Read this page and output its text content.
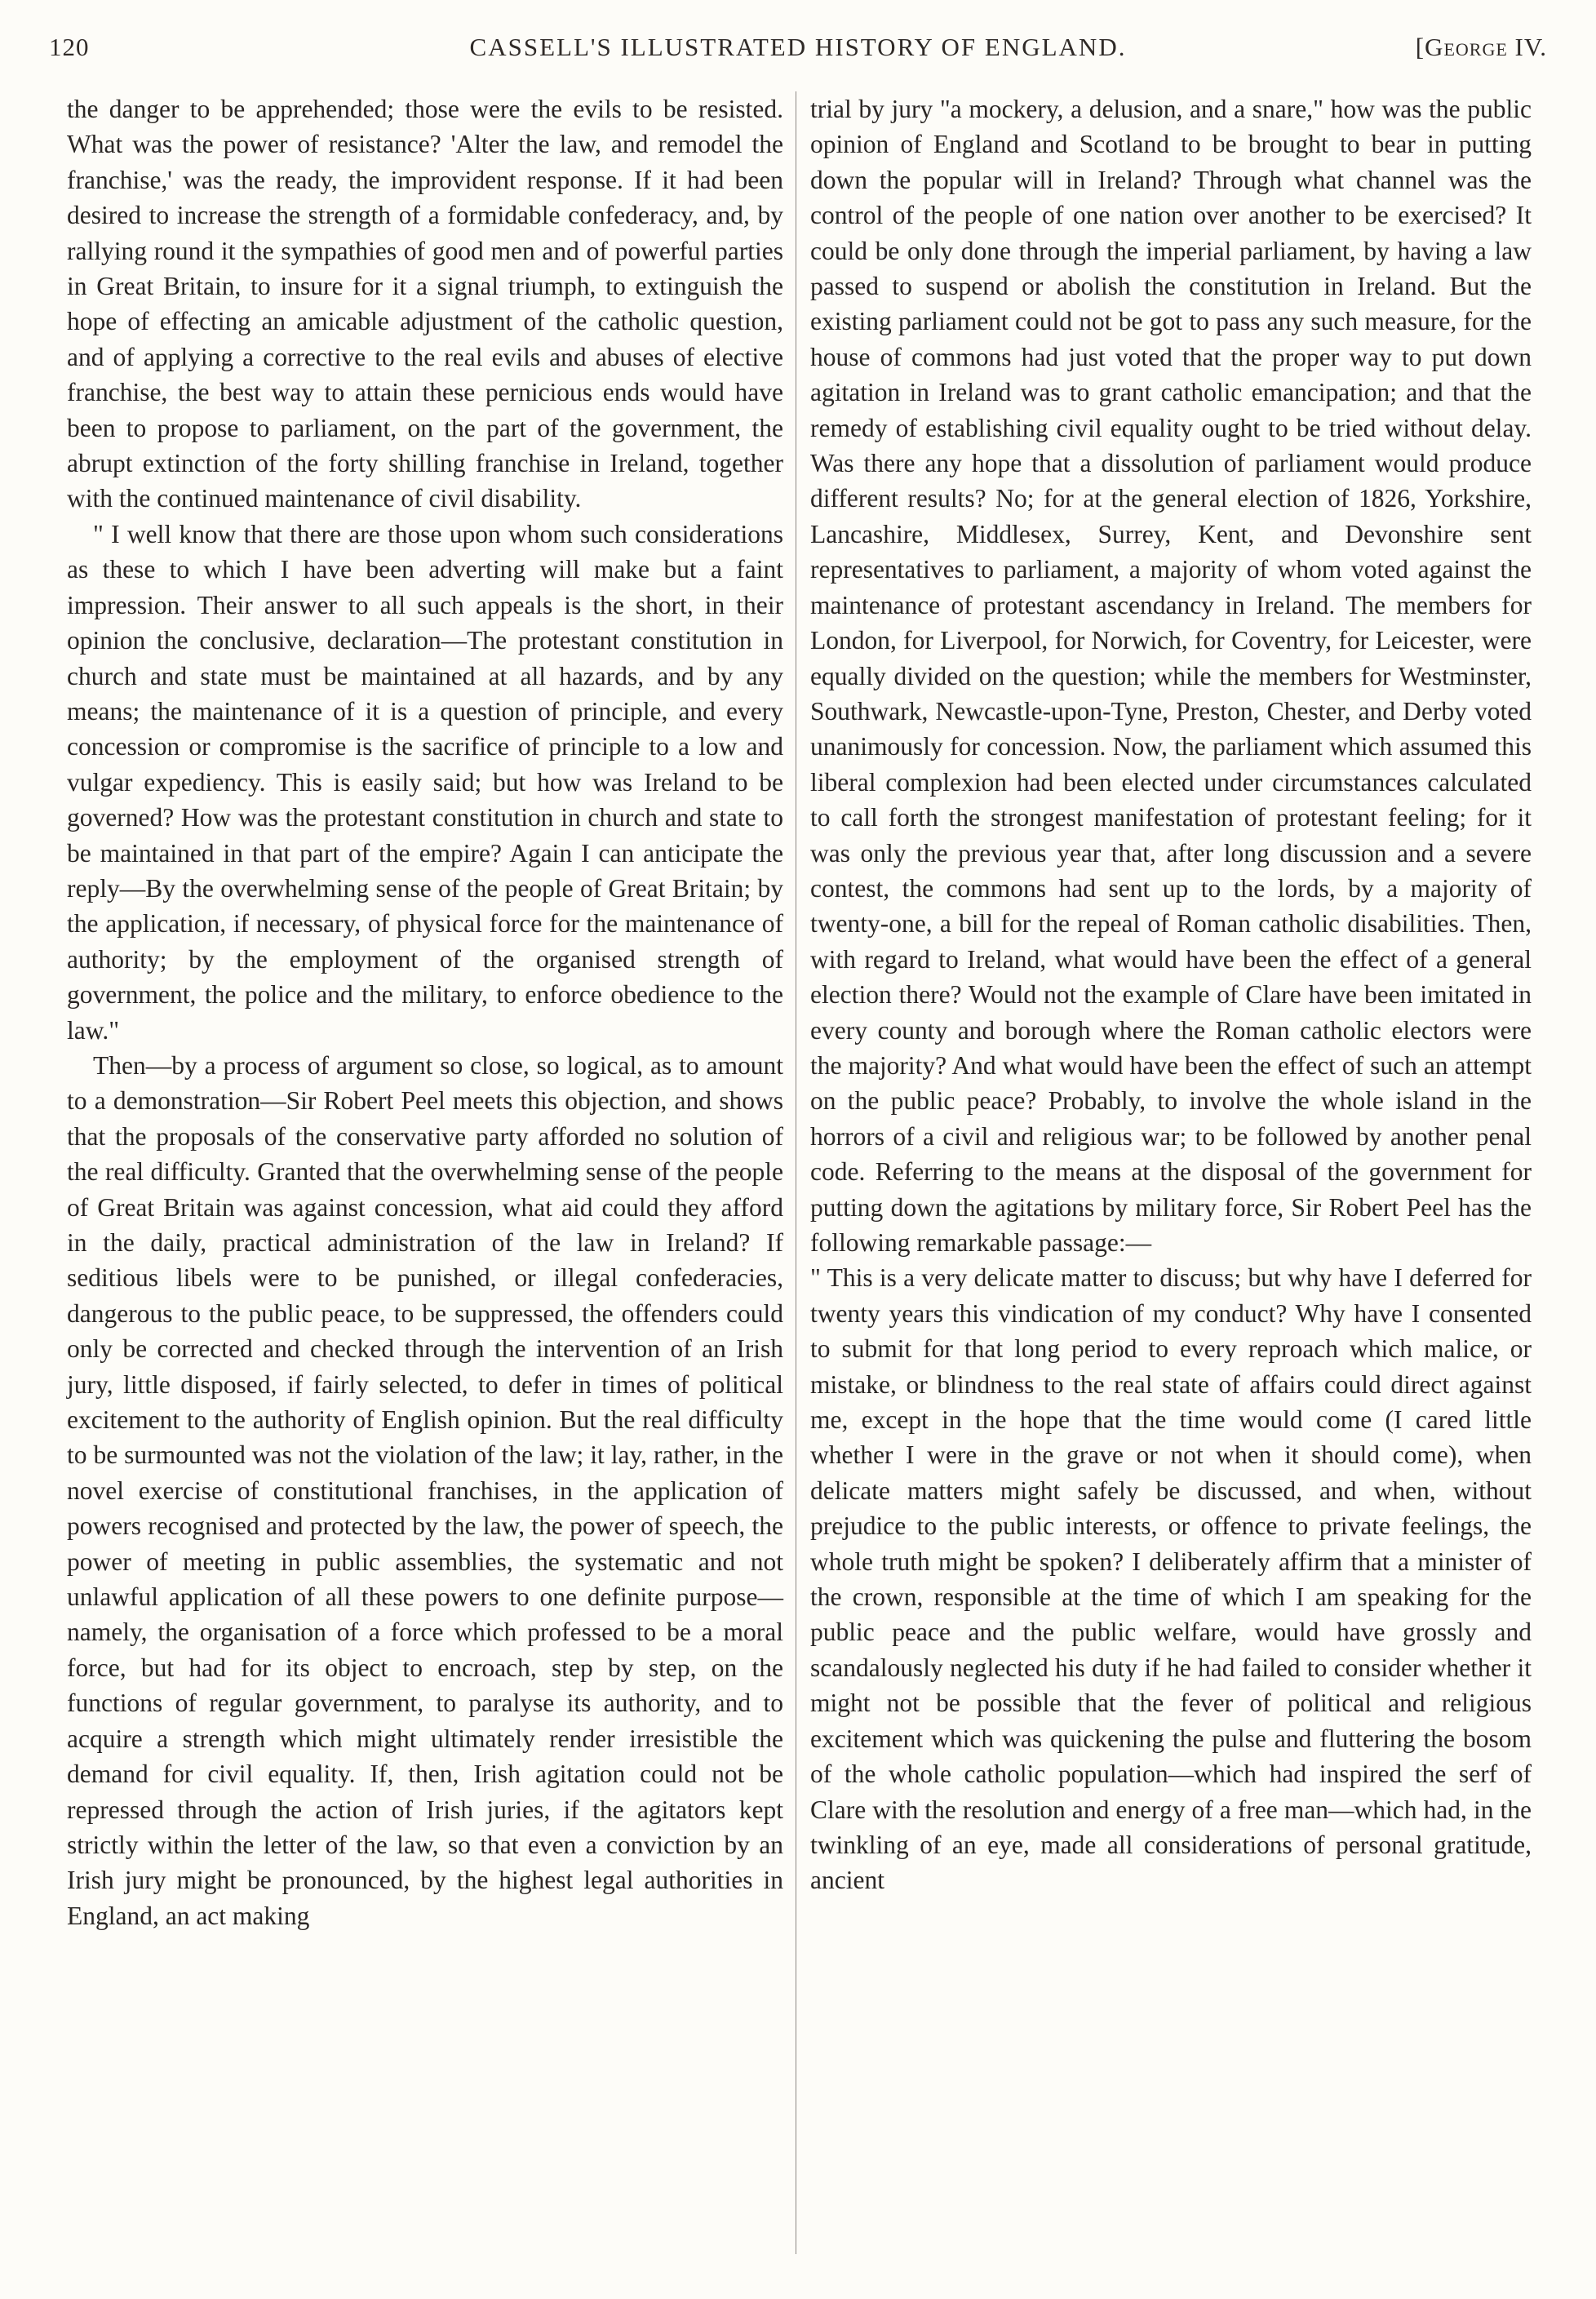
120	CASSELL'S ILLUSTRATED HISTORY OF ENGLAND.	[George IV.

the danger to be apprehended; those were the evils to be resisted. What was the power of resistance? 'Alter the law, and remodel the franchise,' was the ready, the improvident response. If it had been desired to increase the strength of a formidable confederacy, and, by rallying round it the sympathies of good men and of powerful parties in Great Britain, to insure for it a signal triumph, to extinguish the hope of effecting an amicable adjustment of the catholic question, and of applying a corrective to the real evils and abuses of elective franchise, the best way to attain these pernicious ends would have been to propose to parliament, on the part of the government, the abrupt extinction of the forty shilling franchise in Ireland, together with the continued maintenance of civil disability.

" I well know that there are those upon whom such considerations as these to which I have been adverting will make but a faint impression. Their answer to all such appeals is the short, in their opinion the conclusive, declaration—The protestant constitution in church and state must be maintained at all hazards, and by any means; the maintenance of it is a question of principle, and every concession or compromise is the sacrifice of principle to a low and vulgar expediency. This is easily said; but how was Ireland to be governed? How was the protestant constitution in church and state to be maintained in that part of the empire? Again I can anticipate the reply—By the overwhelming sense of the people of Great Britain; by the application, if necessary, of physical force for the maintenance of authority; by the employment of the organised strength of government, the police and the military, to enforce obedience to the law."

Then—by a process of argument so close, so logical, as to amount to a demonstration—Sir Robert Peel meets this objection, and shows that the proposals of the conservative party afforded no solution of the real difficulty. Granted that the overwhelming sense of the people of Great Britain was against concession, what aid could they afford in the daily, practical administration of the law in Ireland? If seditious libels were to be punished, or illegal confederacies, dangerous to the public peace, to be suppressed, the offenders could only be corrected and checked through the intervention of an Irish jury, little disposed, if fairly selected, to defer in times of political excitement to the authority of English opinion. But the real difficulty to be surmounted was not the violation of the law; it lay, rather, in the novel exercise of constitutional franchises, in the application of powers recognised and protected by the law, the power of speech, the power of meeting in public assemblies, the systematic and not unlawful application of all these powers to one definite purpose—namely, the organisation of a force which professed to be a moral force, but had for its object to encroach, step by step, on the functions of regular government, to paralyse its authority, and to acquire a strength which might ultimately render irresistible the demand for civil equality. If, then, Irish agitation could not be repressed through the action of Irish juries, if the agitators kept strictly within the letter of the law, so that even a conviction by an Irish jury might be pronounced, by the highest legal authorities in England, an act making

trial by jury "a mockery, a delusion, and a snare," how was the public opinion of England and Scotland to be brought to bear in putting down the popular will in Ireland? Through what channel was the control of the people of one nation over another to be exercised? It could be only done through the imperial parliament, by having a law passed to suspend or abolish the constitution in Ireland. But the existing parliament could not be got to pass any such measure, for the house of commons had just voted that the proper way to put down agitation in Ireland was to grant catholic emancipation; and that the remedy of establishing civil equality ought to be tried without delay. Was there any hope that a dissolution of parliament would produce different results? No; for at the general election of 1826, Yorkshire, Lancashire, Middlesex, Surrey, Kent, and Devonshire sent representatives to parliament, a majority of whom voted against the maintenance of protestant ascendancy in Ireland. The members for London, for Liverpool, for Norwich, for Coventry, for Leicester, were equally divided on the question; while the members for Westminster, Southwark, Newcastle-upon-Tyne, Preston, Chester, and Derby voted unanimously for concession. Now, the parliament which assumed this liberal complexion had been elected under circumstances calculated to call forth the strongest manifestation of protestant feeling; for it was only the previous year that, after long discussion and a severe contest, the commons had sent up to the lords, by a majority of twenty-one, a bill for the repeal of Roman catholic disabilities. Then, with regard to Ireland, what would have been the effect of a general election there? Would not the example of Clare have been imitated in every county and borough where the Roman catholic electors were the majority? And what would have been the effect of such an attempt on the public peace? Probably, to involve the whole island in the horrors of a civil and religious war; to be followed by another penal code. Referring to the means at the disposal of the government for putting down the agitations by military force, Sir Robert Peel has the following remarkable passage:—

" This is a very delicate matter to discuss; but why have I deferred for twenty years this vindication of my conduct? Why have I consented to submit for that long period to every reproach which malice, or mistake, or blindness to the real state of affairs could direct against me, except in the hope that the time would come (I cared little whether I were in the grave or not when it should come), when delicate matters might safely be discussed, and when, without prejudice to the public interests, or offence to private feelings, the whole truth might be spoken? I deliberately affirm that a minister of the crown, responsible at the time of which I am speaking for the public peace and the public welfare, would have grossly and scandalously neglected his duty if he had failed to consider whether it might not be possible that the fever of political and religious excitement which was quickening the pulse and fluttering the bosom of the whole catholic population—which had inspired the serf of Clare with the resolution and energy of a free man—which had, in the twinkling of an eye, made all considerations of personal gratitude, ancient
